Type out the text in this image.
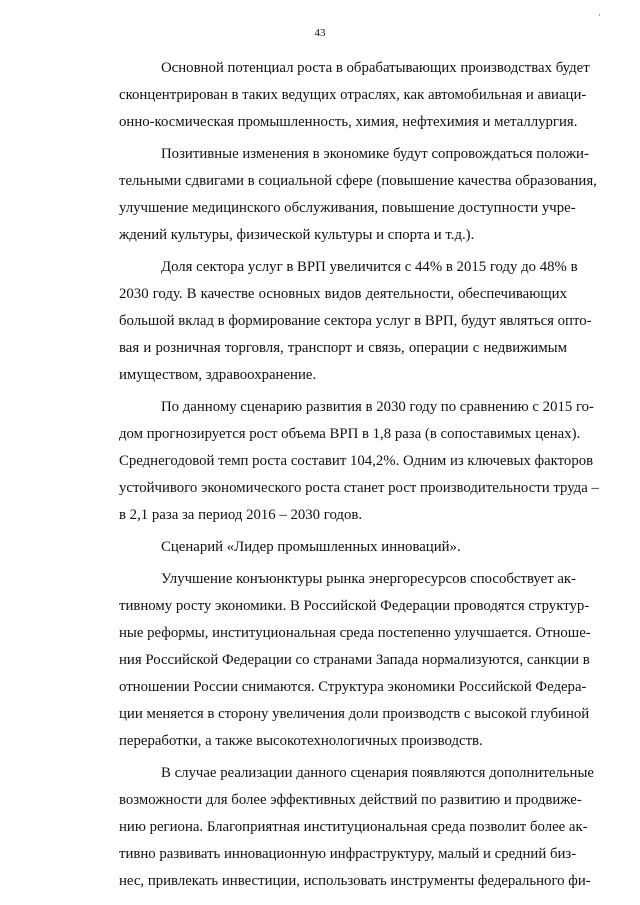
·
43
Основной потенциал роста в обрабатывающих производствах будет
сконцентрирован в таких ведущих отраслях, как автомобильная и авиаци-
онно-космическая промышленность, химия, нефтехимия и металлургия.
Позитивные изменения в экономике будут сопровождаться положи-
тельными сдвигами в социальной сфере (повышение качества образования,
улучшение медицинского обслуживания, повышение доступности учре-
ждений культуры, физической культуры и спорта и т.д.).
Доля сектора услуг в ВРП увеличится с 44% в 2015 году до 48% в
2030 году. В качестве основных видов деятельности, обеспечивающих
большой вклад в формирование сектора услуг в ВРП, будут являться опто-
вая и розничная торговля, транспорт и связь, операции с недвижимым
имуществом, здравоохранение.
По данному сценарию развития в 2030 году по сравнению с 2015 го-
дом прогнозируется рост объема ВРП в 1,8 раза (в сопоставимых ценах).
Среднегодовой темп роста составит 104,2%. Одним из ключевых факторов
устойчивого экономического роста станет рост производительности труда –
в 2,1 раза за период 2016 – 2030 годов.
Сценарий «Лидер промышленных инноваций».
Улучшение конъюнктуры рынка энергоресурсов способствует ак-
тивному росту экономики. В Российской Федерации проводятся структур-
ные реформы, институциональная среда постепенно улучшается. Отноше-
ния Российской Федерации со странами Запада нормализуются, санкции в
отношении России снимаются. Структура экономики Российской Федера-
ции меняется в сторону увеличения доли производств с высокой глубиной
переработки, а также высокотехнологичных производств.
В случае реализации данного сценария появляются дополнительные
возможности для более эффективных действий по развитию и продвиже-
нию региона. Благоприятная институциональная среда позволит более ак-
тивно развивать инновационную инфраструктуру, малый и средний биз-
нес, привлекать инвестиции, использовать инструменты федерального фи-
